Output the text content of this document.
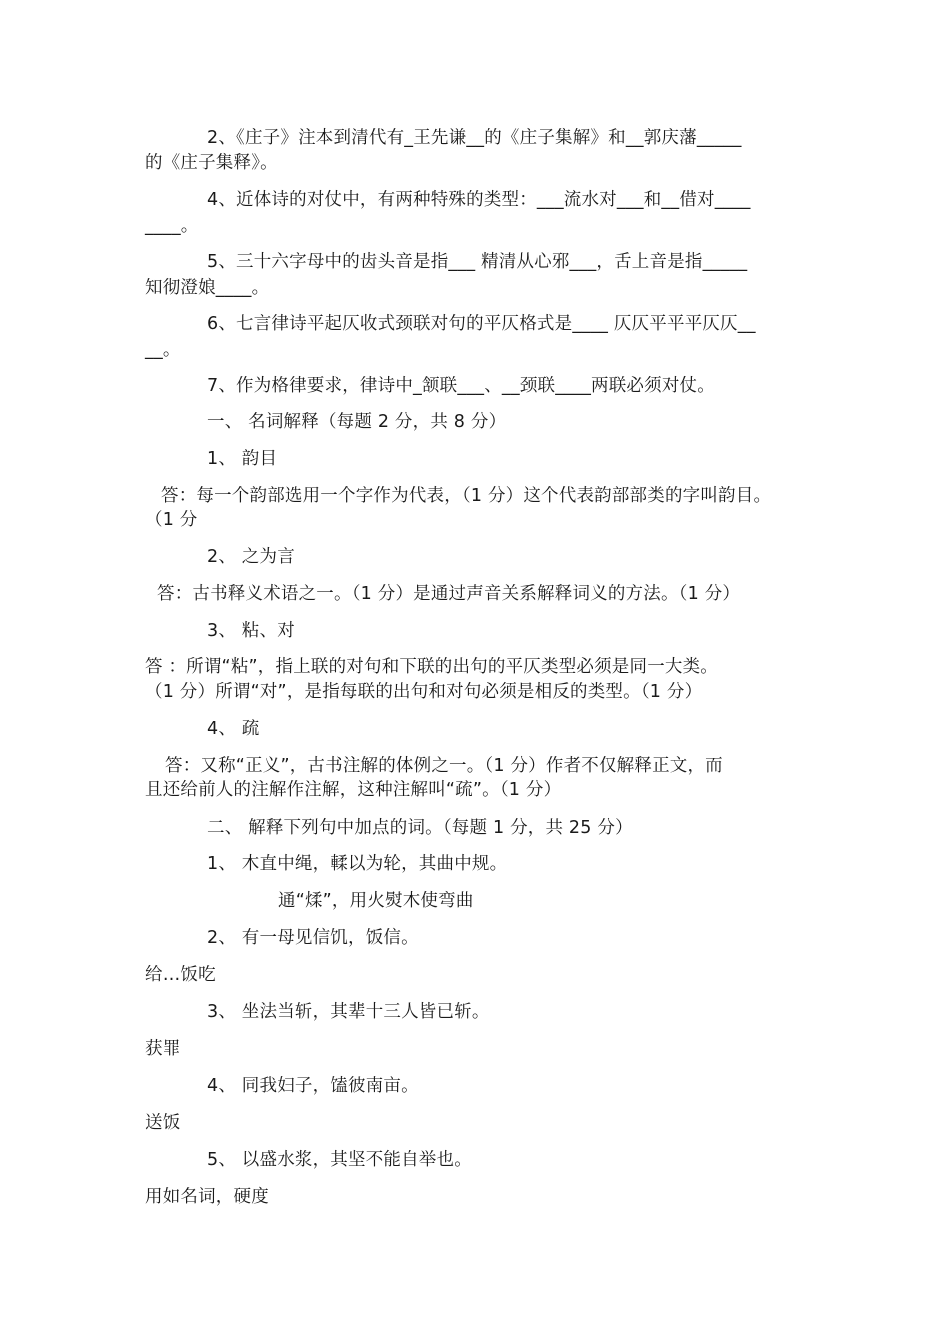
2、《庄子》注本到清代有_王先谦__的《庄子集解》和__郭庆藩_____

的《庄子集释》。

4、近体诗的对仗中，有两种特殊的类型：___流水对___和__借对____

____。

5、三十六字母中的齿头音是指___ 精清从心邪___，舌上音是指_____

知彻澄娘____。

6、七言律诗平起仄收式颈联对句的平仄格式是____ 仄仄平平平仄仄__

__。

7、作为格律要求，律诗中_颔联___、__颈联____两联必须对仗。

一、 名词解释（每题 2 分，共 8 分）

1、 韵目

答：每一个韵部选用一个字作为代表，（1 分）这个代表韵部部类的字叫韵目。

（1 分

2、 之为言

答：古书释义术语之一。（1 分）是通过声音关系解释词义的方法。（1 分）

3、 粘、对

答 ：所谓“粘”，指上联的对句和下联的出句的平仄类型必须是同一大类。

（1 分）所谓“对”，是指每联的出句和对句必须是相反的类型。（1 分）

4、 疏

答：又称“正义”，古书注解的体例之一。（1 分）作者不仅解释正文，而

且还给前人的注解作注解，这种注解叫“疏”。（1 分）

二、 解释下列句中加点的词。（每题 1 分，共 25 分）

1、 木直中绳，輮以为轮，其曲中规。

通“煣”，用火熨木使弯曲

2、 有一母见信饥，饭信。

给…饭吃

3、 坐法当斩，其辈十三人皆已斩。

获罪

4、 同我妇子，馌彼南亩。

送饭

5、 以盛水浆，其坚不能自举也。

用如名词，硬度
